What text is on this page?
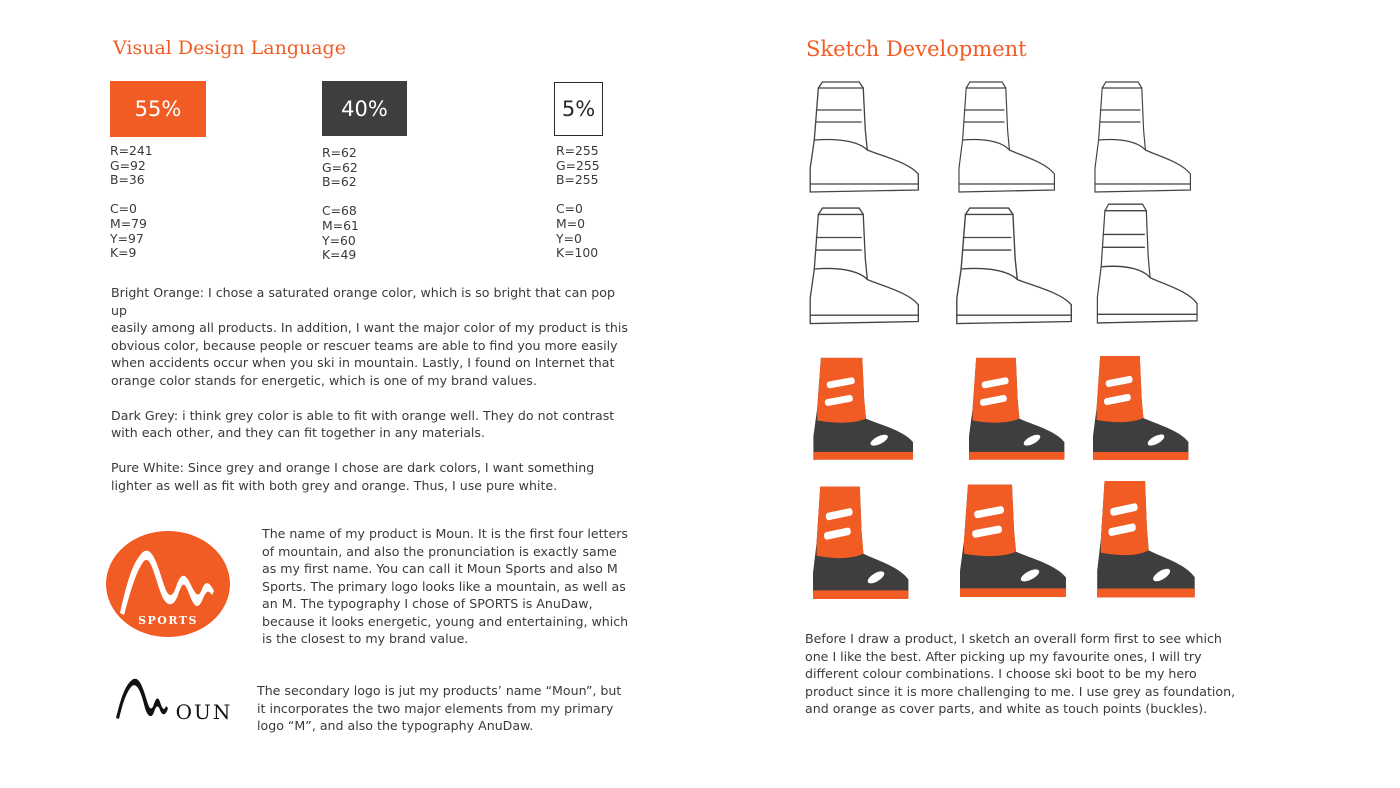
Visual Design Language
55%	40%	5%
R=241
G=92
B=36
C=0
M=79
Y=97
K=9
R=62
G=62
B=62
C=68
M=61
Y=60
K=49
R=255
G=255
B=255
C=0
M=0
Y=0
K=100

Bright Orange: I chose a saturated orange color, which is so bright that can pop up
easily among all products. In addition, I want the major color of my product is this
obvious color, because people or rescuer teams are able to find you more easily
when accidents occur when you ski in mountain. Lastly, I found on Internet that
orange color stands for energetic, which is one of my brand values.

Dark Grey: i think grey color is able to fit with orange well. They do not contrast
with each other, and they can fit together in any materials.

Pure White: Since grey and orange I chose are dark colors, I want something
lighter as well as fit with both grey and orange. Thus, I use pure white.

SPORTS
The name of my product is Moun. It is the first four letters
of mountain, and also the pronunciation is exactly same
as my first name. You can call it Moun Sports and also M
Sports. The primary logo looks like a mountain, as well as
an M. The typography I chose of SPORTS is AnuDaw,
because it looks energetic, young and entertaining, which
is the closest to my brand value.
OUN
The secondary logo is jut my products’ name “Moun”, but
it incorporates the two major elements from my primary
logo “M”, and also the typography AnuDaw.
Sketch Development
Before I draw a product, I sketch an overall form first to see which
one I like the best. After picking up my favourite ones, I will try
different colour combinations. I choose ski boot to be my hero
product since it is more challenging to me. I use grey as foundation,
and orange as cover parts, and white as touch points (buckles).
